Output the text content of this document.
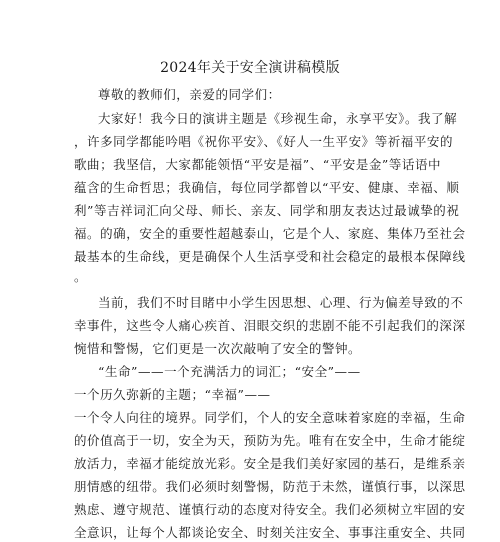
2024年关于安全演讲稿模版

尊敬的教师们，亲爱的同学们：

大家好！我今日的演讲主题是《珍视生命，永享平安》。我了解

，许多同学都能吟唱《祝你平安》、《好人一生平安》等祈福平安的

歌曲；我坚信，大家都能领悟“平安是福”、“平安是金”等话语中

蕴含的生命哲思；我确信，每位同学都曾以“平安、健康、幸福、顺

利”等吉祥词汇向父母、师长、亲友、同学和朋友表达过最诚挚的祝

福。的确，安全的重要性超越泰山，它是个人、家庭、集体乃至社会

最基本的生命线，更是确保个人生活享受和社会稳定的最根本保障线

。

当前，我们不时目睹中小学生因思想、心理、行为偏差导致的不

幸事件，这些令人痛心疾首、泪眼交织的悲剧不能不引起我们的深深

惋惜和警惕，它们更是一次次敲响了安全的警钟。

“生命”——一个充满活力的词汇；“安全”——

一个历久弥新的主题；“幸福”——

一个令人向往的境界。同学们，个人的安全意味着家庭的幸福，生命

的价值高于一切，安全为天，预防为先。唯有在安全中，生命才能绽

放活力，幸福才能绽放光彩。安全是我们美好家园的基石，是维系亲

朋情感的纽带。我们必须时刻警惕，防范于未然，谨慎行事，以深思

熟虑、遵守规范、谨慎行动的态度对待安全。我们必须树立牢固的安

全意识，让每个人都谈论安全、时刻关注安全、事事注重安全、共同
